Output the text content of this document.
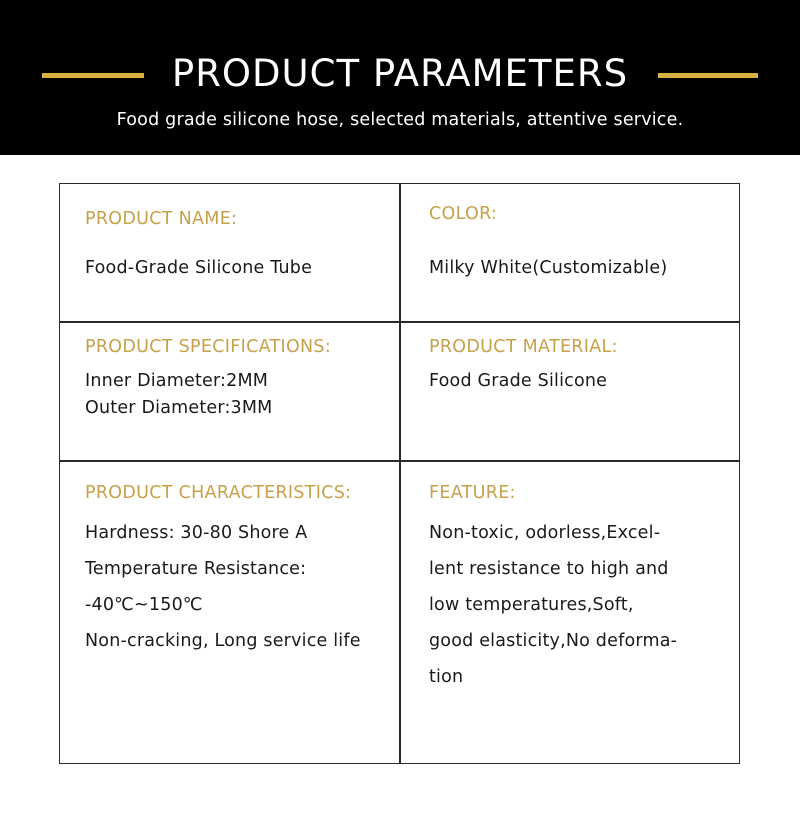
PRODUCT PARAMETERS
Food grade silicone hose, selected materials, attentive service.
PRODUCT NAME:
Food-Grade Silicone Tube
COLOR:
Milky White(Customizable)
PRODUCT SPECIFICATIONS:
Inner Diameter:2MM
Outer Diameter:3MM
PRODUCT MATERIAL:
Food Grade Silicone
PRODUCT CHARACTERISTICS:
Hardness: 30-80 Shore A
Temperature Resistance:
-40℃~150℃
Non-cracking, Long service life
FEATURE:
Non-toxic, odorless,Excel-
lent resistance to high and
low temperatures,Soft,
good elasticity,No deforma-
tion
